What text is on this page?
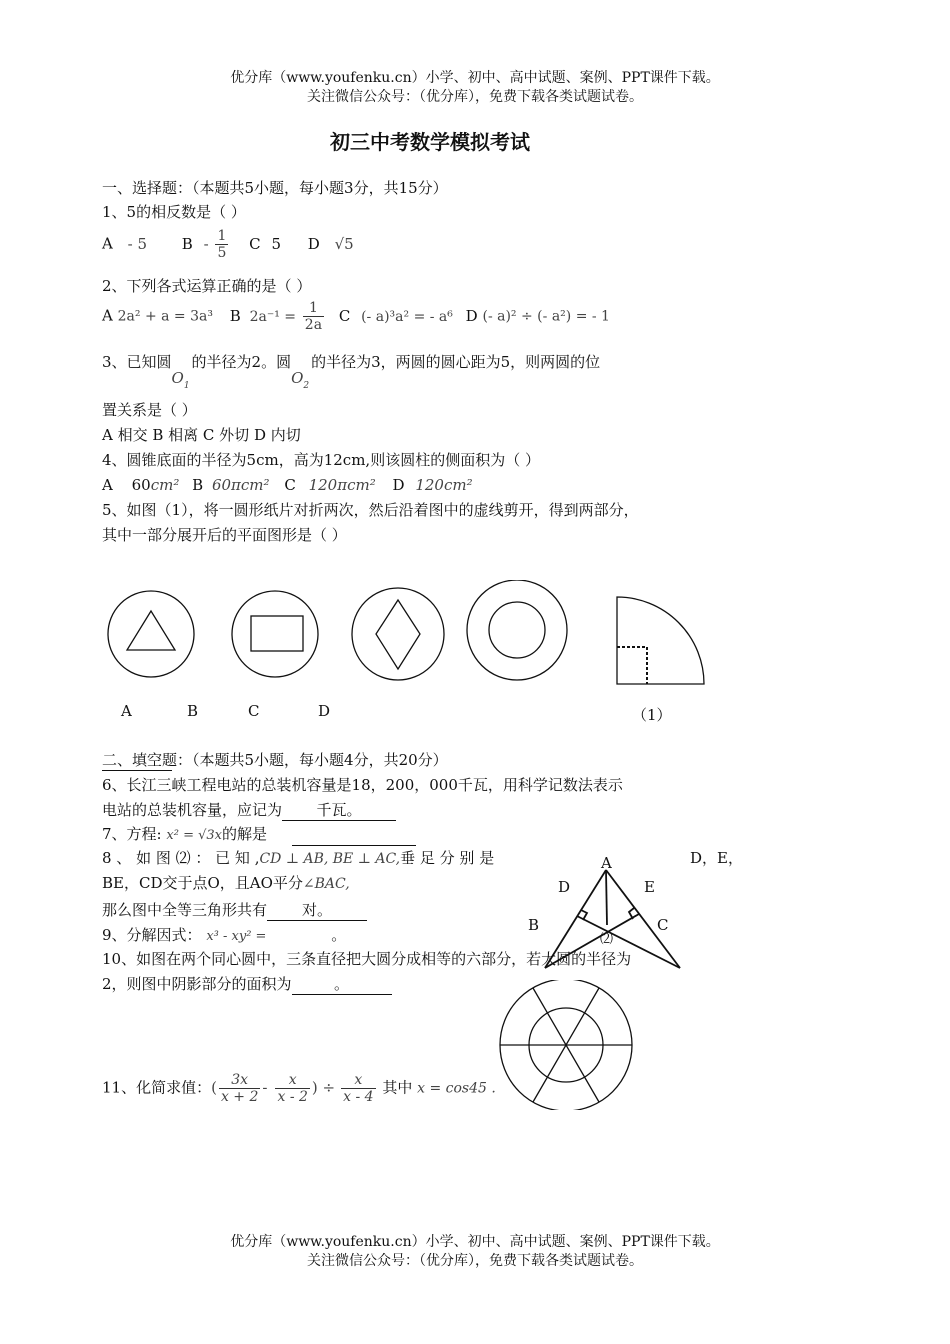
优分库（www.youfenku.cn）小学、初中、高中试题、案例、PPT课件下载。
关注微信公众号：（优分库），免费下载各类试题试卷。
初三中考数学模拟考试
一、选择题：（本题共5小题，每小题3分，共15分）
1、5的相反数是（ ）
A - 5 B - $\frac{1}{5}$ C 5 D √5
2、下列各式运算正确的是（ ）
A 2a² + a = 3a³ B $2a^{-1} = \frac{1}{2a}$ C (- a)³a² = - a⁶ D (- a)² ÷ (- a²) = - 1
3、已知圆$O_1$的半径为2。圆$O_2$的半径为3，两圆的圆心距为5，则两圆的位
置关系是（ ）
A 相交 B 相离 C 外切 D 内切
4、圆锥底面的半径为5cm，高为12cm,则该圆柱的侧面积为（ ）
A 60cm² B 60πcm² C 120πcm² D 120cm²
5、如图（1），将一圆形纸片对折两次，然后沿着图中的虚线剪开，得到两部分，
其中一部分展开后的平面图形是（ ）
A	B	C	D	（1）
二、填空题：（本题共5小题，每小题4分，共20分）
6、长江三峡工程电站的总装机容量是18，200，000千瓦，用科学记数法表示
电站的总装机容量，应记为 千瓦。
7、方程: x² = √3x的解是
8 、 如 图 ⑵ ： 已 知 ,CD ⊥ AB, BE ⊥ AC,垂 足 分 别 是	D，E，
BE，CD交于点O，且AO平分∠BAC,
那么图中全等三角形共有 对。
A
D	E
B	C
⑵
9、分解因式： x³ - xy² =	。
10、如图在两个同心圆中，三条直径把大圆分成相等的六部分，若大圆的半径为
2，则图中阴影部分的面积为	。
11、化简求值：( $\frac{3x}{x + 2} - \frac{x}{x - 2}$ ) ÷ $\frac{x}{x - 4}$ 其中 x = cos45 .
优分库（www.youfenku.cn）小学、初中、高中试题、案例、PPT课件下载。
关注微信公众号：（优分库），免费下载各类试题试卷。
